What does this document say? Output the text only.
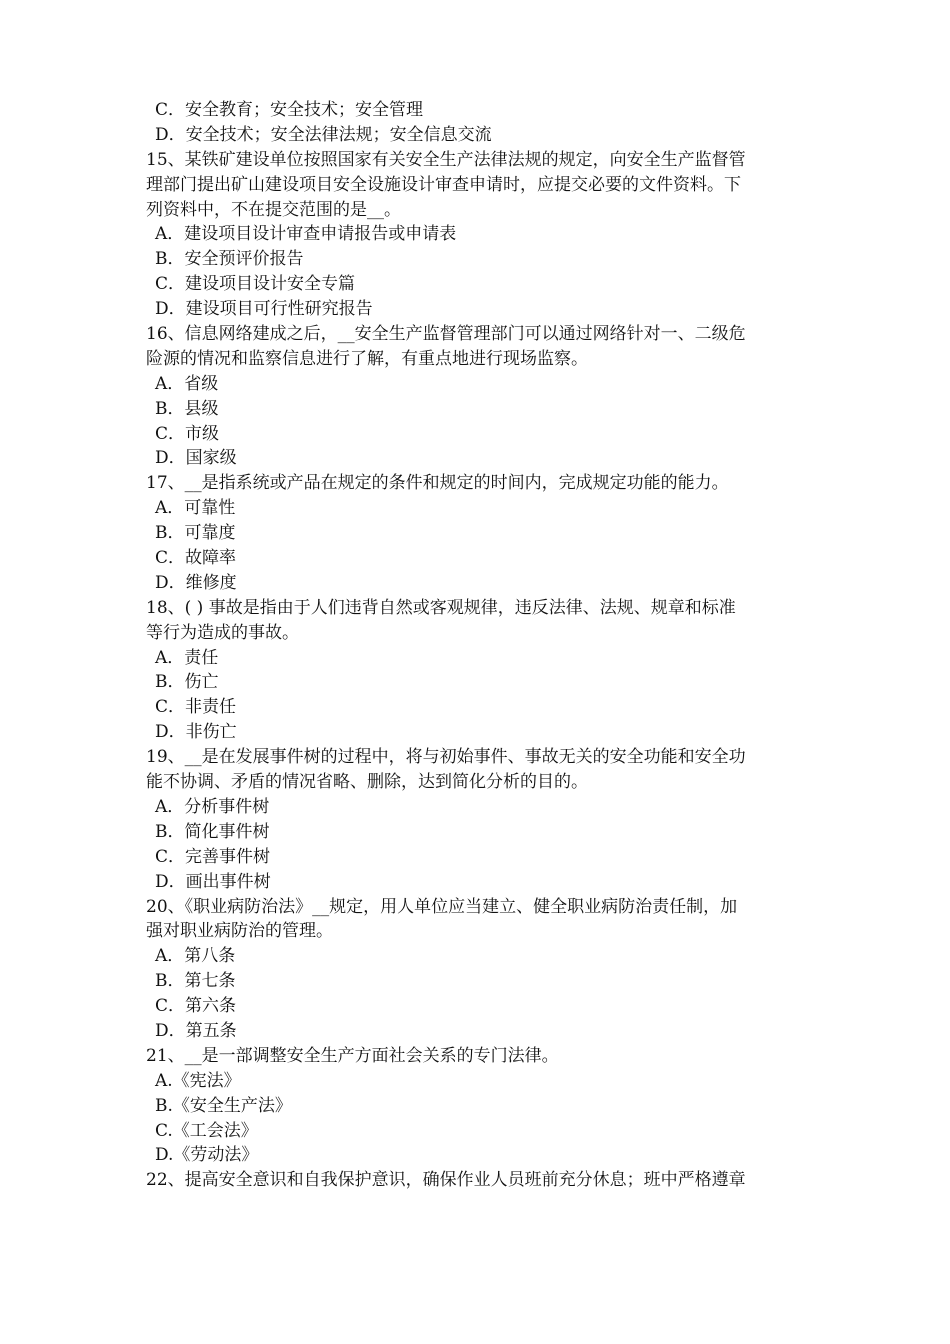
C．安全教育；安全技术；安全管理
D．安全技术；安全法律法规；安全信息交流
15、某铁矿建设单位按照国家有关安全生产法律法规的规定，向安全生产监督管
理部门提出矿山建设项目安全设施设计审查申请时，应提交必要的文件资料。下
列资料中，不在提交范围的是__。
A．建设项目设计审查申请报告或申请表
B．安全预评价报告
C．建设项目设计安全专篇
D．建设项目可行性研究报告
16、信息网络建成之后，__安全生产监督管理部门可以通过网络针对一、二级危
险源的情况和监察信息进行了解，有重点地进行现场监察。
A．省级
B．县级
C．市级
D．国家级
17、__是指系统或产品在规定的条件和规定的时间内，完成规定功能的能力。
A．可靠性
B．可靠度
C．故障率
D．维修度
18、( ) 事故是指由于人们违背自然或客观规律，违反法律、法规、规章和标准
等行为造成的事故。
A．责任
B．伤亡
C．非责任
D．非伤亡
19、__是在发展事件树的过程中，将与初始事件、事故无关的安全功能和安全功
能不协调、矛盾的情况省略、删除，达到简化分析的目的。
A．分析事件树
B．简化事件树
C．完善事件树
D．画出事件树
20、《职业病防治法》__规定，用人单位应当建立、健全职业病防治责任制，加
强对职业病防治的管理。
A．第八条
B．第七条
C．第六条
D．第五条
21、__是一部调整安全生产方面社会关系的专门法律。
A.《宪法》
B.《安全生产法》
C.《工会法》
D.《劳动法》
22、提高安全意识和自我保护意识，确保作业人员班前充分休息；班中严格遵章
